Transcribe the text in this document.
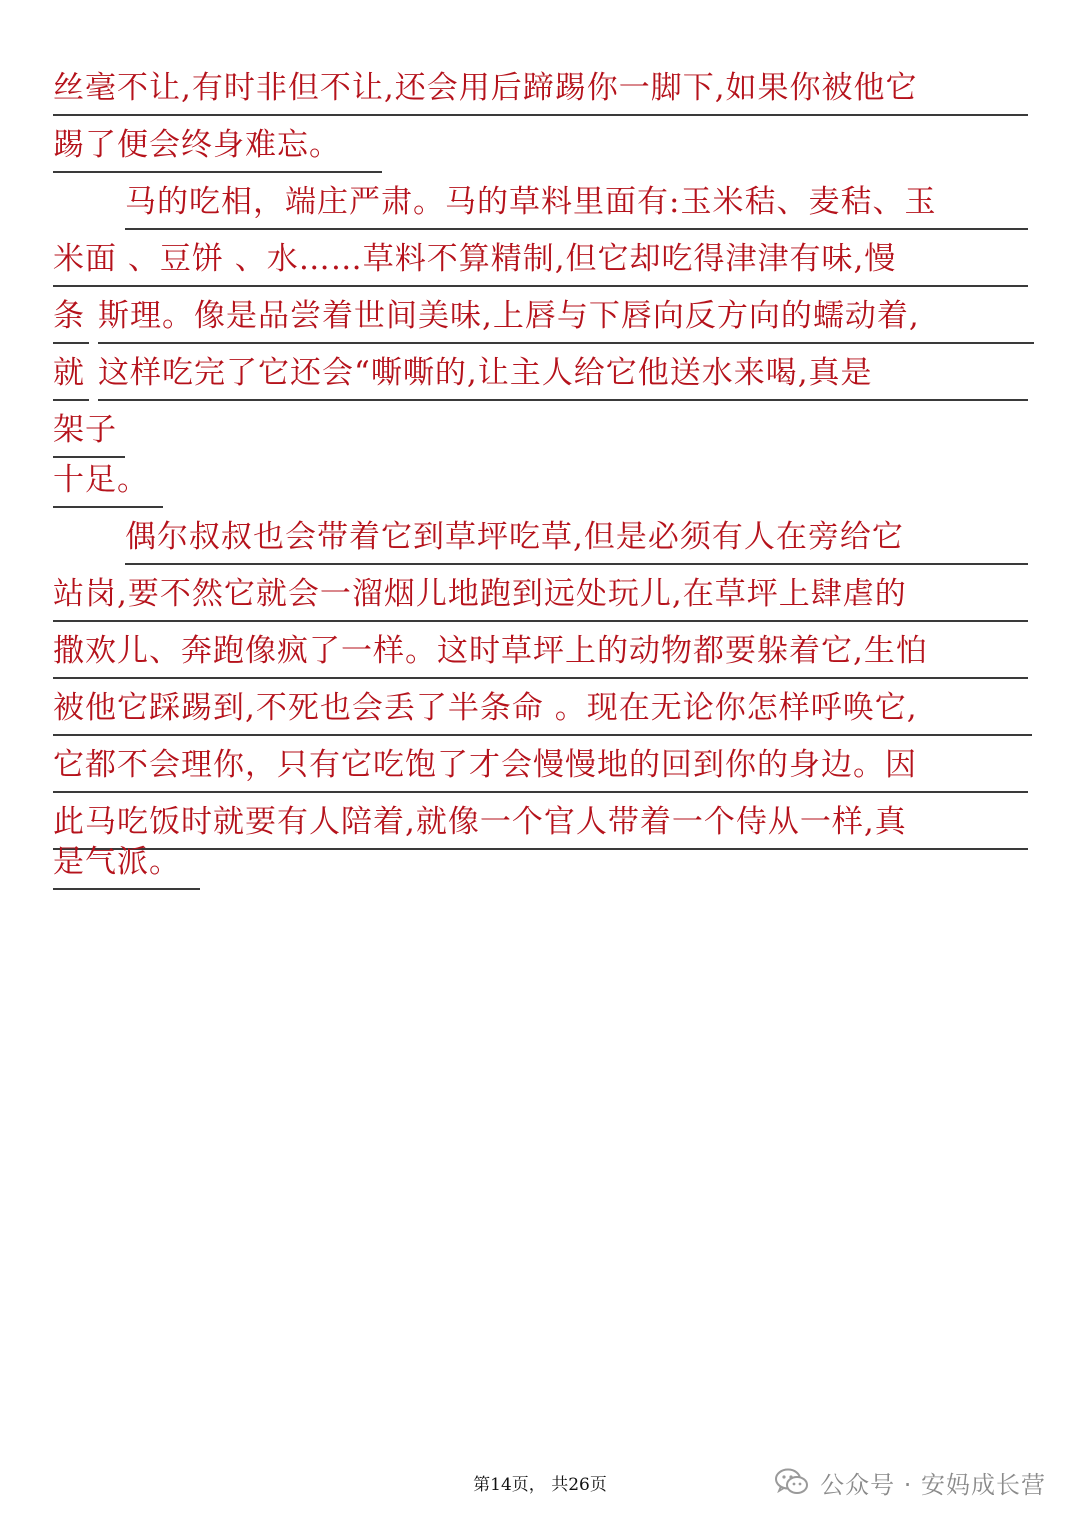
丝毫不让,有时非但不让,还会用后蹄踢你一脚下,如果你被他它
踢了便会终身难忘。
马的吃相，端庄严肃。马的草料里面有:玉米秸、麦秸、玉
米面 、豆饼 、水……草料不算精制,但它却吃得津津有味,慢
条 斯理。像是品尝着世间美味,上唇与下唇向反方向的蠕动着,
就 这样吃完了它还会“嘶嘶的,让主人给它他送水来喝,真是
架子
十足。
偶尔叔叔也会带着它到草坪吃草,但是必须有人在旁给它
站岗,要不然它就会一溜烟儿地跑到远处玩儿,在草坪上肆虐的
撒欢儿、奔跑像疯了一样。这时草坪上的动物都要躲着它,生怕
被他它踩踢到,不死也会丢了半条命 。现在无论你怎样呼唤它,
它都不会理你，只有它吃饱了才会慢慢地的回到你的身边。因
此马吃饭时就要有人陪着,就像一个官人带着一个侍从一样,真
是气派。
第14页， 共26页	公众号 · 安妈成长营
